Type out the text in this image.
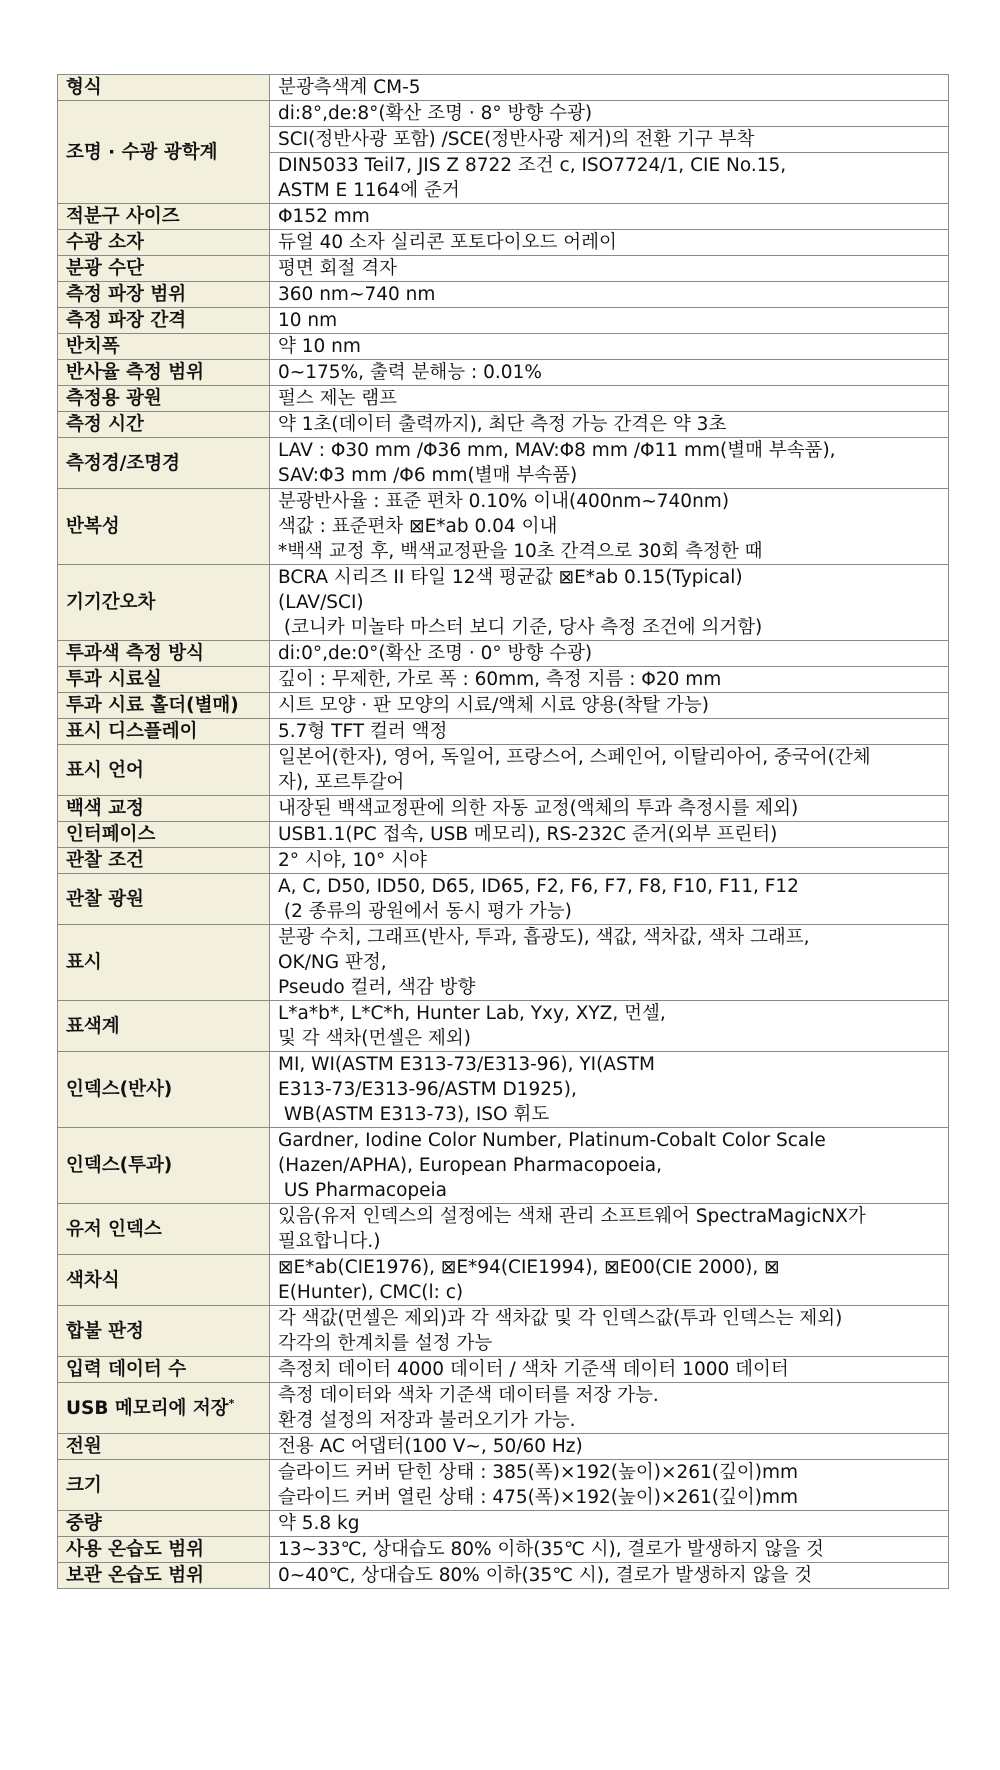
형식	분광측색계 CM-5

조명 · 수광 광학계	di:8°,de:8°(확산 조명 · 8° 방향 수광)

	SCI(정반사광 포함) /SCE(정반사광 제거)의 전환 기구 부착

	DIN5033 Teil7, JIS Z 8722 조건 c, ISO7724/1, CIE No.15,
ASTM E 1164에 준거

적분구 사이즈	Φ152 mm

수광 소자	듀얼 40 소자 실리콘 포토다이오드 어레이

분광 수단	평면 회절 격자

측정 파장 범위	360 nm~740 nm

측정 파장 간격	10 nm

반치폭	약 10 nm

반사율 측정 범위	0~175%, 출력 분해능 : 0.01%

측정용 광원	펄스 제논 램프

측정 시간	약 1초(데이터 출력까지), 최단 측정 가능 간격은 약 3초

측정경/조명경	LAV : Φ30 mm /Φ36 mm, MAV:Φ8 mm /Φ11 mm(별매 부속품),
SAV:Φ3 mm /Φ6 mm(별매 부속품)

반복성	분광반사율 : 표준 편차 0.10% 이내(400nm~740nm)
색값 : 표준편차 ⊠E*ab 0.04 이내
*백색 교정 후, 백색교정판을 10초 간격으로 30회 측정한 때

기기간오차	BCRA 시리즈 II 타일 12색 평균값 ⊠E*ab 0.15(Typical)
(LAV/SCI)
(코니카 미놀타 마스터 보디 기준, 당사 측정 조건에 의거함)

투과색 측정 방식	di:0°,de:0°(확산 조명 · 0° 방향 수광)

투과 시료실	깊이 : 무제한, 가로 폭 : 60mm, 측정 지름 : Φ20 mm

투과 시료 홀더(별매)	시트 모양 · 판 모양의 시료/액체 시료 양용(착탈 가능)

표시 디스플레이	5.7형 TFT 컬러 액정

표시 언어	일본어(한자), 영어, 독일어, 프랑스어, 스페인어, 이탈리아어, 중국어(간체
자), 포르투갈어

백색 교정	내장된 백색교정판에 의한 자동 교정(액체의 투과 측정시를 제외)

인터페이스	USB1.1(PC 접속, USB 메모리), RS-232C 준거(외부 프린터)

관찰 조건	2° 시야, 10° 시야

관찰 광원	A, C, D50, ID50, D65, ID65, F2, F6, F7, F8, F10, F11, F12
(2 종류의 광원에서 동시 평가 가능)

표시	분광 수치, 그래프(반사, 투과, 흡광도), 색값, 색차값, 색차 그래프,
OK/NG 판정,
Pseudo 컬러, 색감 방향

표색계	L*a*b*, L*C*h, Hunter Lab, Yxy, XYZ, 먼셀,
및 각 색차(먼셀은 제외)

인덱스(반사)	MI, WI(ASTM E313-73/E313-96), YI(ASTM
E313-73/E313-96/ASTM D1925),
WB(ASTM E313-73), ISO 휘도

인덱스(투과)	Gardner, Iodine Color Number, Platinum-Cobalt Color Scale
(Hazen/APHA), European Pharmacopoeia,
US Pharmacopeia

유저 인덱스	있음(유저 인덱스의 설정에는 색채 관리 소프트웨어 SpectraMagicNX가
필요합니다.)

색차식	⊠E*ab(CIE1976), ⊠E*94(CIE1994), ⊠E00(CIE 2000), ⊠
E(Hunter), CMC(l: c)

합불 판정	각 색값(먼셀은 제외)과 각 색차값 및 각 인덱스값(투과 인덱스는 제외)
각각의 한계치를 설정 가능

입력 데이터 수	측정치 데이터 4000 데이터 / 색차 기준색 데이터 1000 데이터

USB 메모리에 저장*	측정 데이터와 색차 기준색 데이터를 저장 가능.
환경 설정의 저장과 불러오기가 가능.

전원	전용 AC 어댑터(100 V~, 50/60 Hz)

크기	슬라이드 커버 닫힌 상태 : 385(폭)×192(높이)×261(깊이)mm
슬라이드 커버 열린 상태 : 475(폭)×192(높이)×261(깊이)mm

중량	약 5.8 kg

사용 온습도 범위	13~33℃, 상대습도 80% 이하(35℃ 시), 결로가 발생하지 않을 것

보관 온습도 범위	0~40℃, 상대습도 80% 이하(35℃ 시), 결로가 발생하지 않을 것
